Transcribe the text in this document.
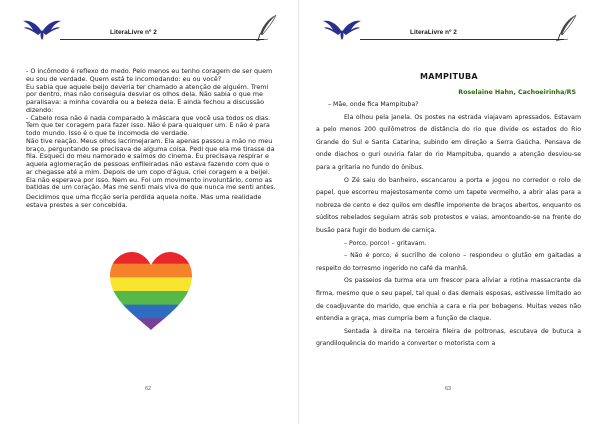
LiteraLivre nº 2

- O incômodo é reflexo do medo. Pelo menos eu tenho coragem de ser quem eu sou de verdade. Quem está te incomodando: eu ou você?

Eu sabia que aquele beijo deveria ter chamado a atenção de alguém. Tremi por dentro, mas não conseguia desviar os olhos dela. Não sabia o que me paralisava: a minha covardia ou a beleza dela. E ainda fechou a discussão dizendo:

- Cabelo rosa não é nada comparado à máscara que você usa todos os dias. Tem que ter coragem para fazer isso. Não é para qualquer um. E não é para todo mundo. Isso é o que te incomoda de verdade.

Não tive reação. Meus olhos lacrimejaram. Ela apenas passou a mão no meu braço, perguntando se precisava de alguma coisa. Pedi que ela me tirasse da fila. Esqueci do meu namorado e saímos do cinema. Eu precisava respirar e aquela aglomeração de pessoas enfileiradas não estava fazendo com que o ar chegasse até a mim. Depois de um copo d'água, criei coragem e a beijei. Ela não esperava por isso. Nem eu. Foi um movimento involuntário, como as batidas de um coração. Mas me senti mais viva do que nunca me senti antes.

Decidimos que uma ficção seria perdida aquela noite. Mas uma realidade estava prestes a ser concebida.

62
LiteraLivre nº 2
MAMPITUBA
Roselaine Hahn, Cachoeirinha/RS

– Mãe, onde fica Mampituba?

Ela olhou pela janela. Os postes na estrada viajavam apressados. Estavam a pelo menos 200 quilômetros de distância do rio que divide os estados do Rio Grande do Sul e Santa Catarina, subindo em direção a Serra Gaúcha. Pensava de onde diachos o guri ouviria falar do rio Mampituba, quando a atenção desviou-se para a gritaria no fundo do ônibus.

O Zé saiu do banheiro, escancarou a porta e jogou no corredor o rolo de papel, que escorreu majestosamente como um tapete vermelho, a abrir alas para a nobreza de cento e dez quilos em desfile imponente de braços abertos, enquanto os súditos rebelados seguiam atrás sob protestos e vaias, amontoando-se na frente do busão para fugir do bodum de carniça.

– Porco, porco! – gritavam.

– Não é porco, é sucrilho de colono – respondeu o glutão em gaitadas a respeito do torresmo ingerido no café da manhã.

Os passeios da turma era um frescor para aliviar a rotina massacrante da firma, mesmo que o seu papel, tal qual o das demais esposas, estivesse limitado ao de coadjuvante do marido, que enchia a cara e ria por bobagens. Muitas vezes não entendia a graça, mas cumpria bem a função de claque.

Sentada à direita na terceira fileira de poltronas, escutava de butuca a grandiloquência do marido a converter o motorista com a

63
